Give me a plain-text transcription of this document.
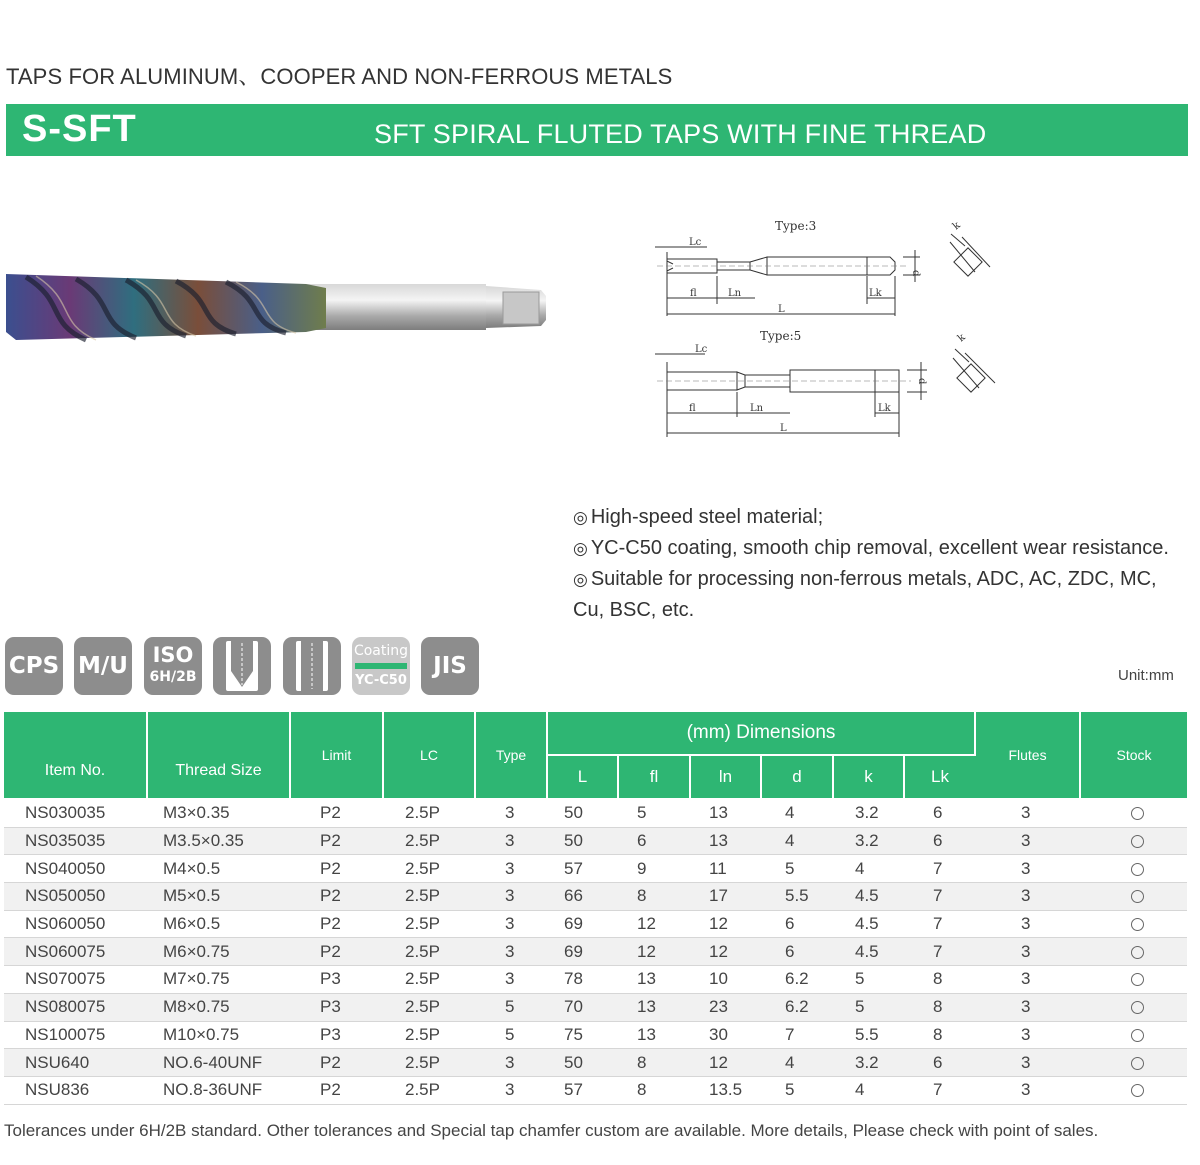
TAPS FOR ALUMINUM、COOPER AND NON-FERROUS METALS
S-SFT	SFT SPIRAL FLUTED TAPS WITH FINE THREAD
Type:3
Lc
fl	Ln	Lk
L
d
k
Type:5
Lc
fl	Ln	Lk
L
d
k
◎ High-speed steel material;
◎ YC-C50 coating, smooth chip removal, excellent wear resistance.
◎ Suitable for processing non-ferrous metals, ADC, AC, ZDC, MC, Cu, BSC, etc.
CPS M/U	ISO
6H/2B
Coating
YC-C50
JIS	Unit:mm
Item No.	Thread Size	Limit	LC	Type	(mm) Dimensions						Flutes	Stock
					L	fl	ln	d	k	Lk		
NS030035	M3×0.35	P2	2.5P	3	50	5	13	4	3.2	6	3	
NS035035	M3.5×0.35	P2	2.5P	3	50	6	13	4	3.2	6	3	
NS040050	M4×0.5	P2	2.5P	3	57	9	11	5	4	7	3	
NS050050	M5×0.5	P2	2.5P	3	66	8	17	5.5	4.5	7	3	
NS060050	M6×0.5	P2	2.5P	3	69	12	12	6	4.5	7	3	
NS060075	M6×0.75	P2	2.5P	3	69	12	12	6	4.5	7	3	
NS070075	M7×0.75	P3	2.5P	3	78	13	10	6.2	5	8	3	
NS080075	M8×0.75	P3	2.5P	5	70	13	23	6.2	5	8	3	
NS100075	M10×0.75	P3	2.5P	5	75	13	30	7	5.5	8	3	
NSU640	NO.6-40UNF	P2	2.5P	3	50	8	12	4	3.2	6	3	
NSU836	NO.8-36UNF	P2	2.5P	3	57	8	13.5	5	4	7	3	
Tolerances under 6H/2B standard. Other tolerances and Special tap chamfer custom are available. More details, Please check with point of sales.
